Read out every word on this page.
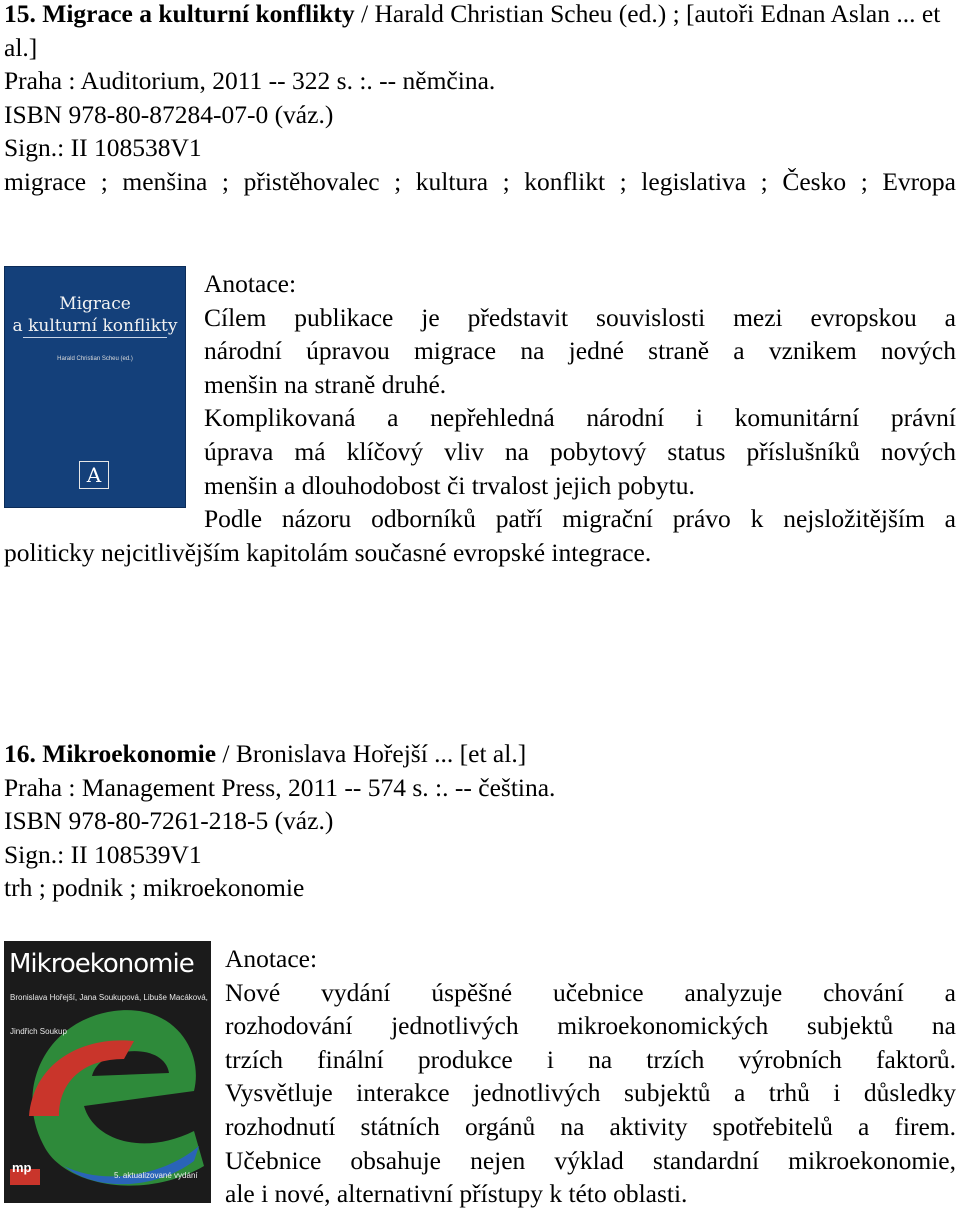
15. Migrace a kulturní konflikty / Harald Christian Scheu (ed.) ; [autoři Ednan Aslan ... et al.]
Praha : Auditorium, 2011 -- 322 s. :. -- němčina.
ISBN 978-80-87284-07-0 (váz.)
Sign.: II 108538V1
migrace ; menšina ; přistěhovalec ; kultura ; konflikt ; legislativa ; Česko ; Evropa
Migrace
a kulturní konflikty
Harald Christian Scheu (ed.)
A
Anotace:
Cílem publikace je představit souvislosti mezi evropskou a
národní úpravou migrace na jedné straně a vznikem nových
menšin na straně druhé.
Komplikovaná a nepřehledná národní i komunitární právní
úprava má klíčový vliv na pobytový status příslušníků nových
menšin a dlouhodobost či trvalost jejich pobytu.
Podle názoru odborníků patří migrační právo k nejsložitějším a
politicky nejcitlivějším kapitolám současné evropské integrace.
16. Mikroekonomie / Bronislava Hořejší ... [et al.]
Praha : Management Press, 2011 -- 574 s. :. -- čeština.
ISBN 978-80-7261-218-5 (váz.)
Sign.: II 108539V1
trh ; podnik ; mikroekonomie
Mikroekonomie
Bronislava Hořejší, Jana Soukupová, Libuše Macáková, Jindřich Soukup
mp
5. aktualizované vydání
Anotace:
Nové vydání úspěšné učebnice analyzuje chování a
rozhodování jednotlivých mikroekonomických subjektů na
trzích finální produkce i na trzích výrobních faktorů.
Vysvětluje interakce jednotlivých subjektů a trhů i důsledky
rozhodnutí státních orgánů na aktivity spotřebitelů a firem.
Učebnice obsahuje nejen výklad standardní mikroekonomie,
ale i nové, alternativní přístupy k této oblasti.
